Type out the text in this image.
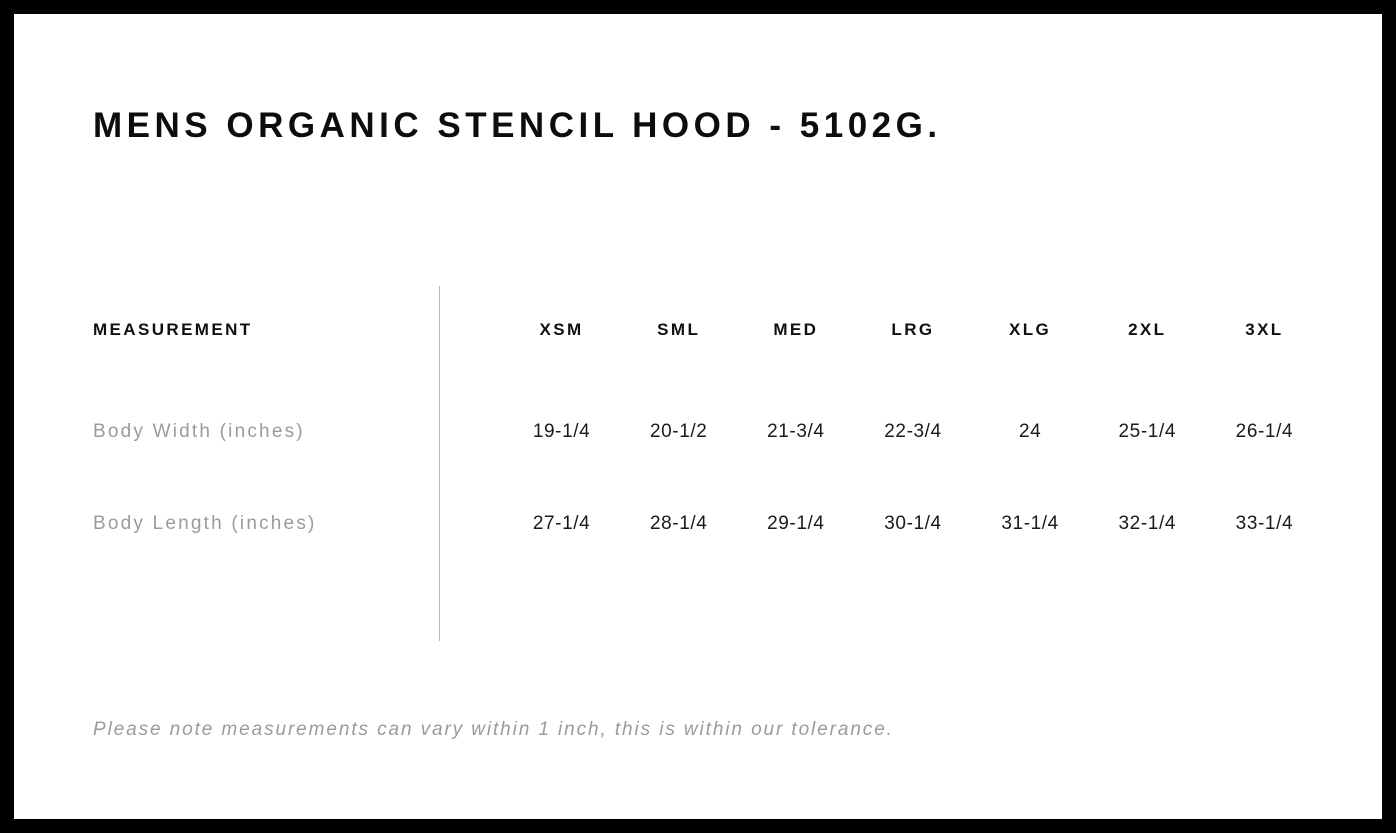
MENS ORGANIC STENCIL HOOD - 5102G.
MEASUREMENT		XSM	SML	MED	LRG	XLG	2XL	3XL
Body Width (inches)		19-1/4	20-1/2	21-3/4	22-3/4	24	25-1/4	26-1/4
Body Length (inches)		27-1/4	28-1/4	29-1/4	30-1/4	31-1/4	32-1/4	33-1/4
Please note measurements can vary within 1 inch, this is within our tolerance.
